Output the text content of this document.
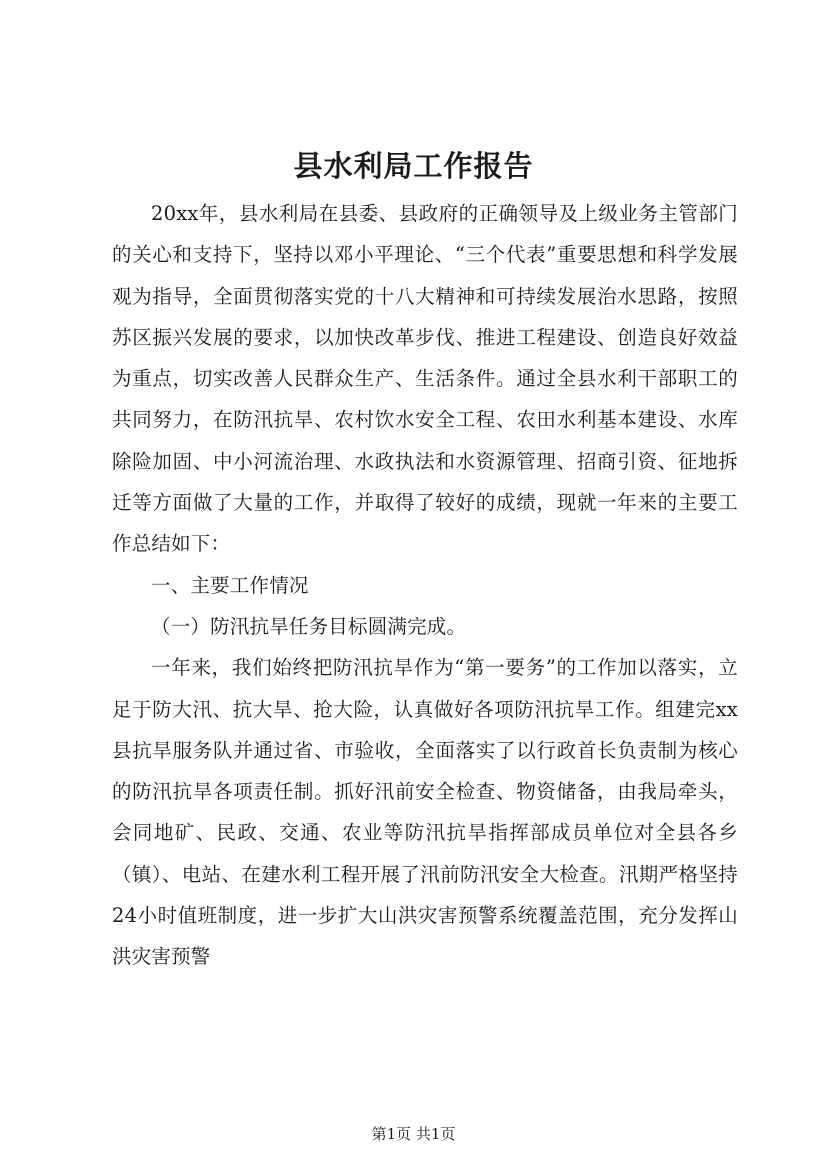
县水利局工作报告

20xx年，县水利局在县委、县政府的正确领导及上级业务主管部门的关心和支持下，坚持以邓小平理论、“三个代表”重要思想和科学发展观为指导，全面贯彻落实党的十八大精神和可持续发展治水思路，按照苏区振兴发展的要求，以加快改革步伐、推进工程建设、创造良好效益为重点，切实改善人民群众生产、生活条件。通过全县水利干部职工的共同努力，在防汛抗旱、农村饮水安全工程、农田水利基本建设、水库除险加固、中小河流治理、水政执法和水资源管理、招商引资、征地拆迁等方面做了大量的工作，并取得了较好的成绩，现就一年来的主要工作总结如下：

一、主要工作情况

（一）防汛抗旱任务目标圆满完成。

一年来，我们始终把防汛抗旱作为“第一要务”的工作加以落实，立足于防大汛、抗大旱、抢大险，认真做好各项防汛抗旱工作。组建完xx县抗旱服务队并通过省、市验收，全面落实了以行政首长负责制为核心的防汛抗旱各项责任制。抓好汛前安全检查、物资储备，由我局牵头，会同地矿、民政、交通、农业等防汛抗旱指挥部成员单位对全县各乡（镇）、电站、在建水利工程开展了汛前防汛安全大检查。汛期严格坚持24小时值班制度，进一步扩大山洪灾害预警系统覆盖范围，充分发挥山洪灾害预警

第1页 共1页
